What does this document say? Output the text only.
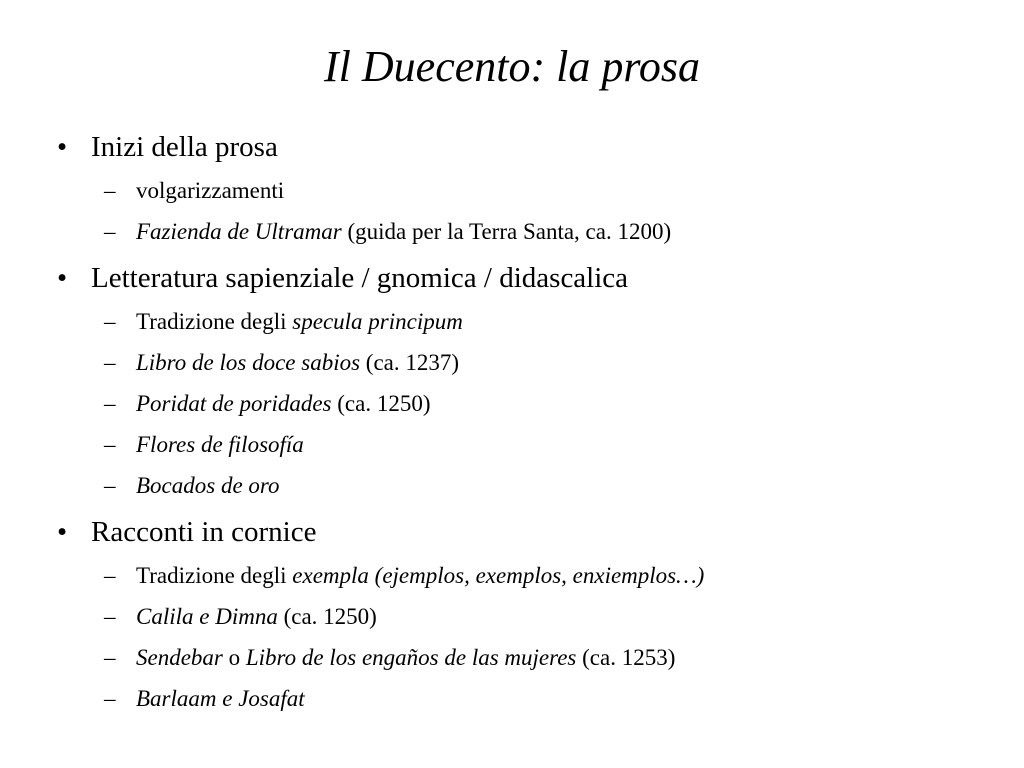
Il Duecento: la prosa
• Inizi della prosa
– volgarizzamenti
– Fazienda de Ultramar (guida per la Terra Santa, ca. 1200)
• Letteratura sapienziale / gnomica / didascalica
– Tradizione degli specula principum
– Libro de los doce sabios (ca. 1237)
– Poridat de poridades (ca. 1250)
– Flores de filosofía
– Bocados de oro
• Racconti in cornice
– Tradizione degli exempla (ejemplos, exemplos, enxiemplos…)
– Calila e Dimna (ca. 1250)
– Sendebar o Libro de los engaños de las mujeres (ca. 1253)
– Barlaam e Josafat
